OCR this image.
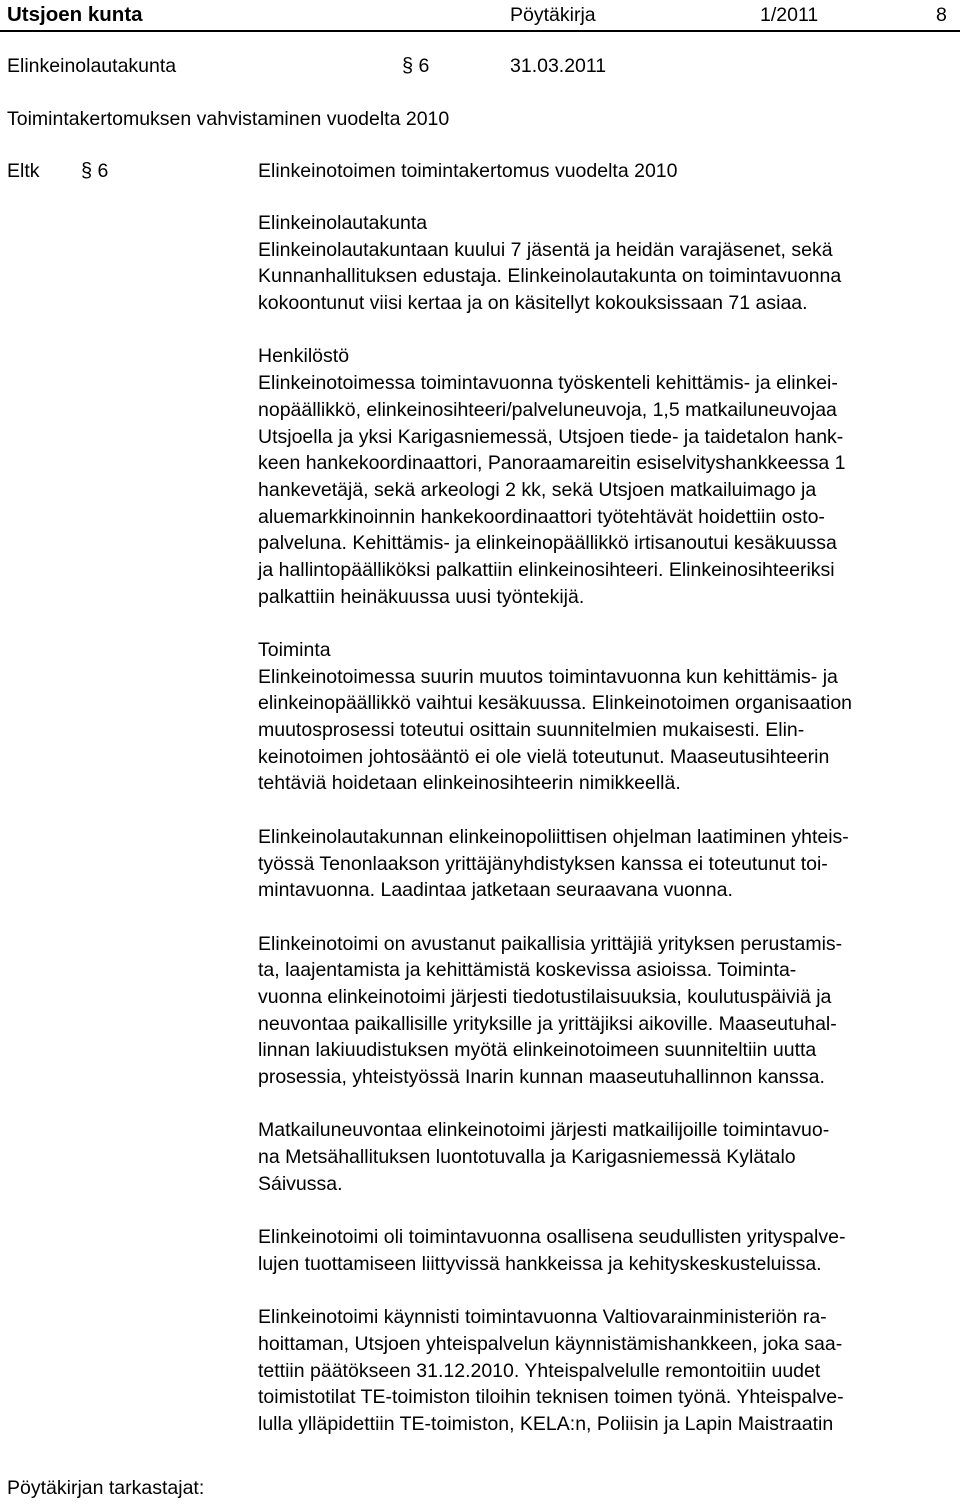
Utsjoen kunta	Pöytäkirja	1/2011	8
Elinkeinolautakunta	§ 6	31.03.2011
Toimintakertomuksen vahvistaminen vuodelta 2010
Eltk § 6	Elinkeinotoimen toimintakertomus vuodelta 2010
Elinkeinolautakunta
Elinkeinolautakuntaan kuului 7 jäsentä ja heidän varajäsenet, sekä
Kunnanhallituksen edustaja. Elinkeinolautakunta on toimintavuonna
kokoontunut viisi kertaa ja on käsitellyt kokouksissaan 71 asiaa.
Henkilöstö
Elinkeinotoimessa toimintavuonna työskenteli kehittämis- ja elinkei-
nopäällikkö, elinkeinosihteeri/palveluneuvoja, 1,5 matkailuneuvojaa
Utsjoella ja yksi Karigasniemessä, Utsjoen tiede- ja taidetalon hank-
keen hankekoordinaattori, Panoraamareitin esiselvityshankkeessa 1
hankevetäjä, sekä arkeologi 2 kk, sekä Utsjoen matkailuimago ja
aluemarkkinoinnin hankekoordinaattori työtehtävät hoidettiin osto-
palveluna. Kehittämis- ja elinkeinopäällikkö irtisanoutui kesäkuussa
ja hallintopäälliköksi palkattiin elinkeinosihteeri. Elinkeinosihteeriksi
palkattiin heinäkuussa uusi työntekijä.
Toiminta
Elinkeinotoimessa suurin muutos toimintavuonna kun kehittämis- ja
elinkeinopäällikkö vaihtui kesäkuussa. Elinkeinotoimen organisaation
muutosprosessi toteutui osittain suunnitelmien mukaisesti. Elin-
keinotoimen johtosääntö ei ole vielä toteutunut. Maaseutusihteerin
tehtäviä hoidetaan elinkeinosihteerin nimikkeellä.
Elinkeinolautakunnan elinkeinopoliittisen ohjelman laatiminen yhteis-
työssä Tenonlaakson yrittäjänyhdistyksen kanssa ei toteutunut toi-
mintavuonna. Laadintaa jatketaan seuraavana vuonna.
Elinkeinotoimi on avustanut paikallisia yrittäjiä yrityksen perustamis-
ta, laajentamista ja kehittämistä koskevissa asioissa. Toiminta-
vuonna elinkeinotoimi järjesti tiedotustilaisuuksia, koulutuspäiviä ja
neuvontaa paikallisille yrityksille ja yrittäjiksi aikoville. Maaseutuhal-
linnan lakiuudistuksen myötä elinkeinotoimeen suunniteltiin uutta
prosessia, yhteistyössä Inarin kunnan maaseutuhallinnon kanssa.
Matkailuneuvontaa elinkeinotoimi järjesti matkailijoille toimintavuo-
na Metsähallituksen luontotuvalla ja Karigasniemessä Kylätalo
Sáivussa.
Elinkeinotoimi oli toimintavuonna osallisena seudullisten yrityspalve-
lujen tuottamiseen liittyvissä hankkeissa ja kehityskeskusteluissa.
Elinkeinotoimi käynnisti toimintavuonna Valtiovarainministeriön ra-
hoittaman, Utsjoen yhteispalvelun käynnistämishankkeen, joka saa-
tettiin päätökseen 31.12.2010. Yhteispalvelulle remontoitiin uudet
toimistotilat TE-toimiston tiloihin teknisen toimen työnä. Yhteispalve-
lulla ylläpidettiin TE-toimiston, KELA:n, Poliisin ja Lapin Maistraatin
Pöytäkirjan tarkastajat:
